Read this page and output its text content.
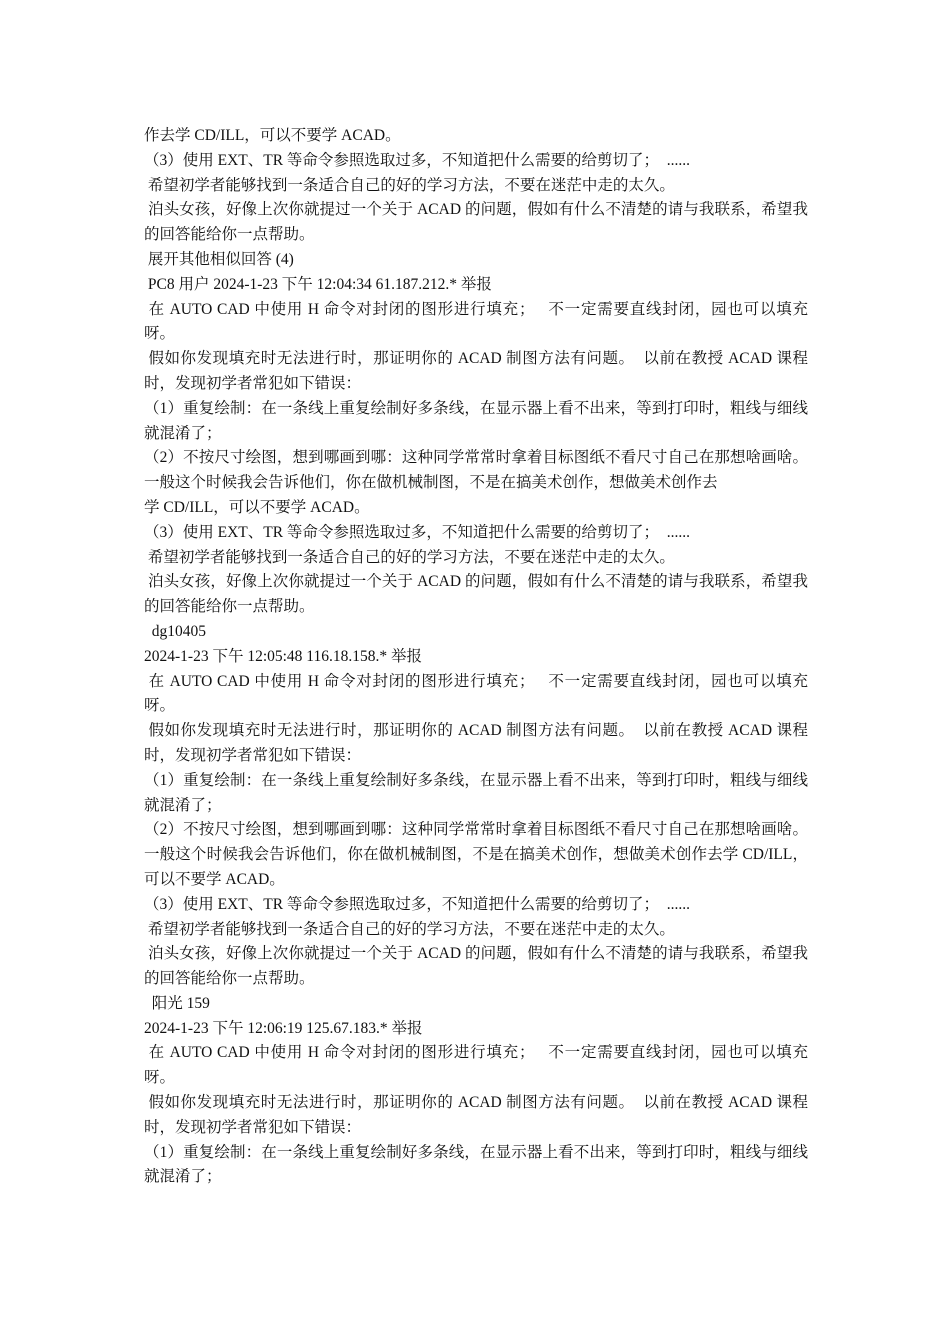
作去学 CD/ILL，可以不要学 ACAD。

（3）使用 EXT、TR 等命令参照选取过多，不知道把什么需要的给剪切了；  ......

希望初学者能够找到一条适合自己的好的学习方法，不要在迷茫中走的太久。

泊头女孩，好像上次你就提过一个关于 ACAD 的问题，假如有什么不清楚的请与我联系，希望我的回答能给你一点帮助。

展开其他相似回答 (4)

PC8 用户 2024-1-23 下午 12:04:34 61.187.212.* 举报

在 AUTO CAD 中使用 H 命令对封闭的图形进行填充；   不一定需要直线封闭，园也可以填充呀。

假如你发现填充时无法进行时，那证明你的 ACAD 制图方法有问题。  以前在教授 ACAD 课程时，发现初学者常犯如下错误：

（1）重复绘制：在一条线上重复绘制好多条线，在显示器上看不出来，等到打印时，粗线与细线就混淆了；

（2）不按尺寸绘图，想到哪画到哪：这种同学常常时拿着目标图纸不看尺寸自己在那想啥画啥。一般这个时候我会告诉他们，你在做机械制图，不是在搞美术创作，想做美术创作去

学 CD/ILL，可以不要学 ACAD。

（3）使用 EXT、TR 等命令参照选取过多，不知道把什么需要的给剪切了；  ......

希望初学者能够找到一条适合自己的好的学习方法，不要在迷茫中走的太久。

泊头女孩，好像上次你就提过一个关于 ACAD 的问题，假如有什么不清楚的请与我联系，希望我的回答能给你一点帮助。

dg10405

2024-1-23 下午 12:05:48 116.18.158.* 举报

在 AUTO CAD 中使用 H 命令对封闭的图形进行填充；   不一定需要直线封闭，园也可以填充呀。

假如你发现填充时无法进行时，那证明你的 ACAD 制图方法有问题。  以前在教授 ACAD 课程时，发现初学者常犯如下错误：

（1）重复绘制：在一条线上重复绘制好多条线，在显示器上看不出来，等到打印时，粗线与细线就混淆了；

（2）不按尺寸绘图，想到哪画到哪：这种同学常常时拿着目标图纸不看尺寸自己在那想啥画啥。一般这个时候我会告诉他们，你在做机械制图，不是在搞美术创作，想做美术创作去学 CD/ILL，可以不要学 ACAD。

（3）使用 EXT、TR 等命令参照选取过多，不知道把什么需要的给剪切了；  ......

希望初学者能够找到一条适合自己的好的学习方法，不要在迷茫中走的太久。

泊头女孩，好像上次你就提过一个关于 ACAD 的问题，假如有什么不清楚的请与我联系，希望我的回答能给你一点帮助。

阳光 159

2024-1-23 下午 12:06:19 125.67.183.* 举报

在 AUTO CAD 中使用 H 命令对封闭的图形进行填充；   不一定需要直线封闭，园也可以填充呀。

假如你发现填充时无法进行时，那证明你的 ACAD 制图方法有问题。  以前在教授 ACAD 课程时，发现初学者常犯如下错误：

（1）重复绘制：在一条线上重复绘制好多条线，在显示器上看不出来，等到打印时，粗线与细线就混淆了；
